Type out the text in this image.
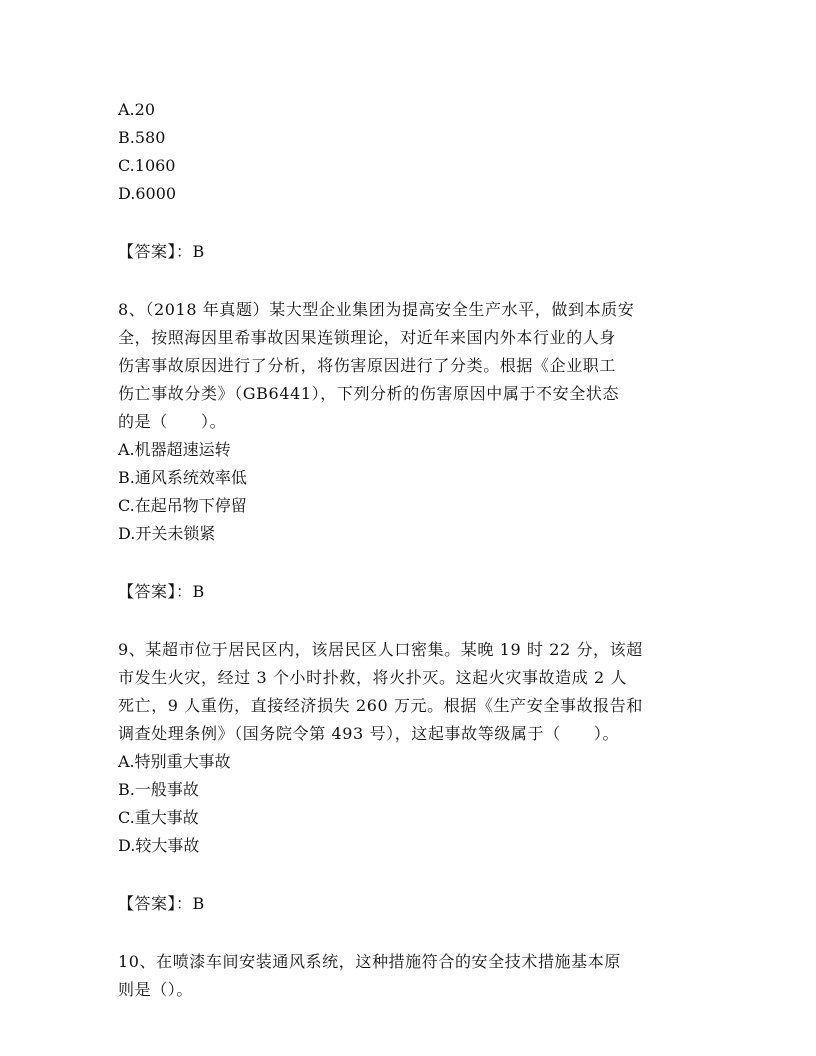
A.20
B.580
C.1060
D.6000
【答案】：B
8、（2018 年真题）某大型企业集团为提高安全生产水平，做到本质安
全，按照海因里希事故因果连锁理论，对近年来国内外本行业的人身
伤害事故原因进行了分析，将伤害原因进行了分类。根据《企业职工
伤亡事故分类》（GB6441），下列分析的伤害原因中属于不安全状态
的是（　　）。
A.机器超速运转
B.通风系统效率低
C.在起吊物下停留
D.开关未锁紧
【答案】：B
9、某超市位于居民区内，该居民区人口密集。某晚 19 时 22 分，该超
市发生火灾，经过 3 个小时扑救，将火扑灭。这起火灾事故造成 2 人
死亡，9 人重伤，直接经济损失 260 万元。根据《生产安全事故报告和
调查处理条例》（国务院令第 493 号），这起事故等级属于（　　）。
A.特别重大事故
B.一般事故
C.重大事故
D.较大事故
【答案】：B
10、在喷漆车间安装通风系统，这种措施符合的安全技术措施基本原
则是（）。
